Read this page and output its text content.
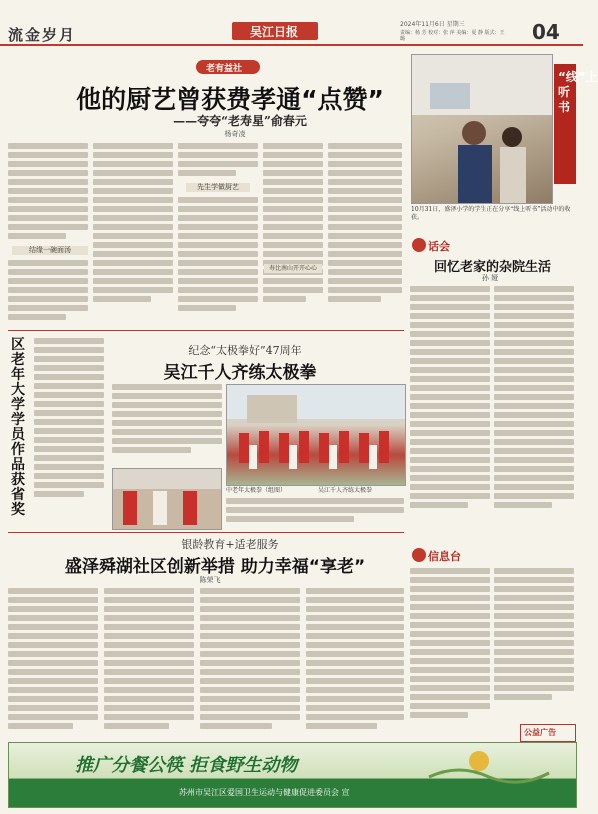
流金岁月	吴江日报
2024年11月6日 星期三
责编：杨 芳 校对：张 萍 美编：夏 静 版式：王 璐	04
老有益社
他的厨艺曾获费孝通“点赞”
——夸夸“老寿星”俞春元
杨奇凌
结缘一碗面汤
先生学做厨艺
寿比南山开开心心
“线”上听书
10月31日，盛泽小学的学生正在分享“线上听书”活动中的收获。
话会
回忆老家的杂院生活
孙 娅
区老年大学学员作品获省奖
纪念“太极拳好”47周年
吴江千人齐练太极拳
中老年太极拳（组图）	吴江千人齐练太极拳
银龄教育+适老服务
盛泽舜湖社区创新举措 助力幸福“享老”
陈荣飞
信息台
公益广告
推广分餐公筷 拒食野生动物
苏州市吴江区爱国卫生运动与健康促进委员会 宣
